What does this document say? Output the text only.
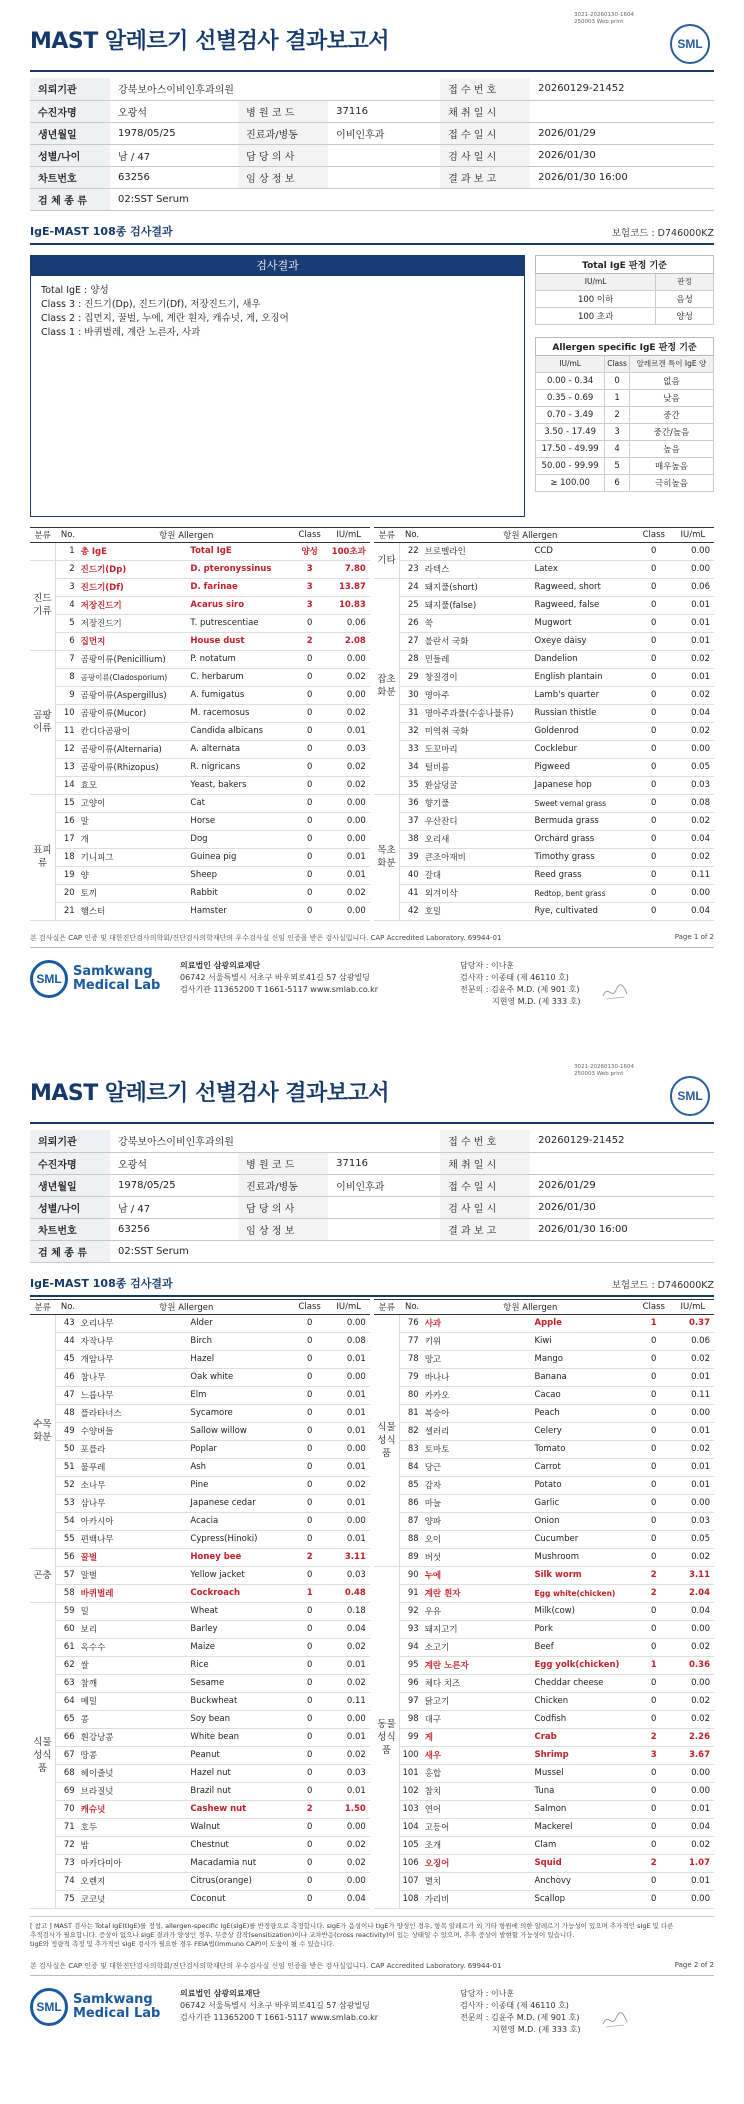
MAST 알레르기 선별검사 결과보고서
3021-20260130-1604
250003 Web print
SML
의뢰기관	강북보아스이비인후과의원			접 수 번 호	20260129-21452
수진자명	오광석	병 원 코 드	37116	채 취 일 시	
생년월일	1978/05/25	진료과/병동	이비인후과	접 수 일 시	2026/01/29
성별/나이	남 / 47	담 당 의 사		검 사 일 시	2026/01/30
차트번호	63256	임 상 정 보		결 과 보 고	2026/01/30 16:00
검 체 종 류	02:SST Serum				
IgE-MAST 108종 검사결과	보험코드 : D746000KZ
검사결과
Total IgE : 양성
Class 3 : 진드기(Dp), 진드기(Df), 저장진드기, 새우
Class 2 : 집먼지, 꿀벌, 누에, 계란 흰자, 캐슈넛, 게, 오징어
Class 1 : 바퀴벌레, 계란 노른자, 사과
Total IgE 판정 기준	
IU/mL	판정
100 이하	음성
100 초과	양성
Allergen specific IgE 판정 기준		
IU/mL	Class	알레르겐 특이 IgE 양
0.00 - 0.34	0	없음
0.35 - 0.69	1	낮음
0.70 - 3.49	2	중간
3.50 - 17.49	3	중간/높음
17.50 - 49.99	4	높음
50.00 - 99.99	5	매우높음
≥ 100.00	6	극히높음
분류	No.	항원 Allergen		Class	IU/mL		분류	No.	항원 Allergen		Class	IU/mL
	1	총 IgE	Total IgE	양성	100초과		기타	22	브로멜라인	CCD	0	0.00
진드기류	2	진드기(Dp)	D. pteronyssinus	3	7.80			23	라텍스	Latex	0	0.00
	3	진드기(Df)	D. farinae	3	13.87		잡초화분	24	돼지풀(short)	Ragweed, short	0	0.06
	4	저장진드기	Acarus siro	3	10.83			25	돼지풀(false)	Ragweed, false	0	0.01
	5	저장진드기	T. putrescentiae	0	0.06			26	쑥	Mugwort	0	0.01
	6	집먼지	House dust	2	2.08			27	불란서 국화	Oxeye daisy	0	0.01
곰팡이류	7	곰팡이류(Penicillium)	P. notatum	0	0.00			28	민들레	Dandelion	0	0.02
	8	곰팡이류(Cladosporium)	C. herbarum	0	0.02			29	창질경이	English plantain	0	0.01
	9	곰팡이류(Aspergillus)	A. fumigatus	0	0.00			30	명아주	Lamb's quarter	0	0.02
	10	곰팡이류(Mucor)	M. racemosus	0	0.02			31	명아주과풀(수송나물류)	Russian thistle	0	0.04
	11	칸디다곰팡이	Candida albicans	0	0.01			32	미역취 국화	Goldenrod	0	0.02
	12	곰팡이류(Alternaria)	A. alternata	0	0.03			33	도꼬마리	Cocklebur	0	0.00
	13	곰팡이류(Rhizopus)	R. nigricans	0	0.02			34	털비름	Pigweed	0	0.05
	14	효모	Yeast, bakers	0	0.02			35	환삼덩굴	Japanese hop	0	0.03
표피류	15	고양이	Cat	0	0.00		목초화분	36	향기풀	Sweet vernal grass	0	0.08
	16	말	Horse	0	0.00			37	우산잔디	Bermuda grass	0	0.02
	17	개	Dog	0	0.00			38	오리새	Orchard grass	0	0.04
	18	기니피그	Guinea pig	0	0.01			39	큰조아재비	Timothy grass	0	0.02
	19	양	Sheep	0	0.01			40	갈대	Reed grass	0	0.11
	20	토끼	Rabbit	0	0.02			41	외겨이삭	Redtop, bent grass	0	0.00
	21	햄스터	Hamster	0	0.00			42	호밀	Rye, cultivated	0	0.04
본 검사실은 CAP 인증 및 대한진단검사의학회/진단검사의학재단의 우수검사실 신임 인증을 받은 검사실입니다. CAP Accredited Laboratory. 69944-01	Page 1 of 2
SML Samkwang
Medical Lab
의료법인 삼광의료재단
06742 서울특별시 서초구 바우뫼로41길 57 삼광빌딩
검사기관 11365200 T 1661-5117 www.smlab.co.kr
담당자 : 이나훈
검사자 : 이종태 (제 46110 호)
전문의 : 김윤주 M.D. (제 901 호)
지현영 M.D. (제 333 호)
MAST 알레르기 선별검사 결과보고서
3021-20260130-1604
250003 Web print
SML
의뢰기관	강북보아스이비인후과의원			접 수 번 호	20260129-21452
수진자명	오광석	병 원 코 드	37116	채 취 일 시	
생년월일	1978/05/25	진료과/병동	이비인후과	접 수 일 시	2026/01/29
성별/나이	남 / 47	담 당 의 사		검 사 일 시	2026/01/30
차트번호	63256	임 상 정 보		결 과 보 고	2026/01/30 16:00
검 체 종 류	02:SST Serum				
IgE-MAST 108종 검사결과	보험코드 : D746000KZ
분류	No.	항원 Allergen		Class	IU/mL		분류	No.	항원 Allergen		Class	IU/mL
수목화분	43	오리나무	Alder	0	0.00		식물성식품	76	사과	Apple	1	0.37
	44	자작나무	Birch	0	0.08			77	키위	Kiwi	0	0.06
	45	개암나무	Hazel	0	0.01			78	망고	Mango	0	0.02
	46	참나무	Oak white	0	0.00			79	바나나	Banana	0	0.01
	47	느릅나무	Elm	0	0.01			80	카카오	Cacao	0	0.11
	48	플라타너스	Sycamore	0	0.01			81	복숭아	Peach	0	0.00
	49	수양버들	Sallow willow	0	0.01			82	셀러리	Celery	0	0.01
	50	포플라	Poplar	0	0.00			83	토마토	Tomato	0	0.02
	51	물푸레	Ash	0	0.01			84	당근	Carrot	0	0.01
	52	소나무	Pine	0	0.02			85	감자	Potato	0	0.01
	53	삼나무	Japanese cedar	0	0.01			86	마늘	Garlic	0	0.00
	54	아카시아	Acacia	0	0.00			87	양파	Onion	0	0.03
	55	편백나무	Cypress(Hinoki)	0	0.01			88	오이	Cucumber	0	0.05
곤충	56	꿀벌	Honey bee	2	3.11			89	버섯	Mushroom	0	0.02
	57	말벌	Yellow jacket	0	0.03		동물성식품	90	누에	Silk worm	2	3.11
	58	바퀴벌레	Cockroach	1	0.48			91	계란 흰자	Egg white(chicken)	2	2.04
식물성식품	59	밀	Wheat	0	0.18			92	우유	Milk(cow)	0	0.04
	60	보리	Barley	0	0.04			93	돼지고기	Pork	0	0.00
	61	옥수수	Maize	0	0.02			94	소고기	Beef	0	0.02
	62	쌀	Rice	0	0.01			95	계란 노른자	Egg yolk(chicken)	1	0.36
	63	참깨	Sesame	0	0.02			96	체다 치즈	Cheddar cheese	0	0.00
	64	메밀	Buckwheat	0	0.11			97	닭고기	Chicken	0	0.02
	65	콩	Soy bean	0	0.00			98	대구	Codfish	0	0.02
	66	흰강낭콩	White bean	0	0.01			99	게	Crab	2	2.26
	67	땅콩	Peanut	0	0.02			100	새우	Shrimp	3	3.67
	68	헤이즐넛	Hazel nut	0	0.03			101	홍합	Mussel	0	0.00
	69	브라질넛	Brazil nut	0	0.01			102	참치	Tuna	0	0.00
	70	캐슈넛	Cashew nut	2	1.50			103	연어	Salmon	0	0.01
	71	호두	Walnut	0	0.00			104	고등어	Mackerel	0	0.04
	72	밤	Chestnut	0	0.02			105	조개	Clam	0	0.02
	73	마카다미아	Macadamia nut	0	0.02			106	오징어	Squid	2	1.07
	74	오렌지	Citrus(orange)	0	0.00			107	멸치	Anchovy	0	0.01
	75	코코넛	Coconut	0	0.04			108	가리비	Scallop	0	0.00
[ 참고 ] MAST 검사는 Total IgE(tIgE)를 정성, allergen-specific IgE(sIgE)를 반정량으로 측정합니다. sIgE가 음성이나 tIgE가 양성인 경우, 항목 알레르기 외 기타 항원에 의한 알레르기 가능성이 있으며 추가적인 sIgE 및 다른
추적검사가 필요합니다. 증상이 없으나 sIgE 결과가 양성인 경우, 무증상 감작(sensitization)이나 교차반응(cross reactivity)이 있는 상태일 수 있으며, 추후 증상이 발현할 가능성이 있습니다.
tIgE와 정량적 측정 및 추가적인 sIgE 검사가 필요한 경우 FEIA법(Immuno CAP)이 도움이 될 수 있습니다.
본 검사실은 CAP 인증 및 대한진단검사의학회/진단검사의학재단의 우수검사실 신임 인증을 받은 검사실입니다. CAP Accredited Laboratory. 69944-01	Page 2 of 2
SML Samkwang
Medical Lab
의료법인 삼광의료재단
06742 서울특별시 서초구 바우뫼로41길 57 삼광빌딩
검사기관 11365200 T 1661-5117 www.smlab.co.kr
담당자 : 이나훈
검사자 : 이종태 (제 46110 호)
전문의 : 김윤주 M.D. (제 901 호)
지현영 M.D. (제 333 호)
